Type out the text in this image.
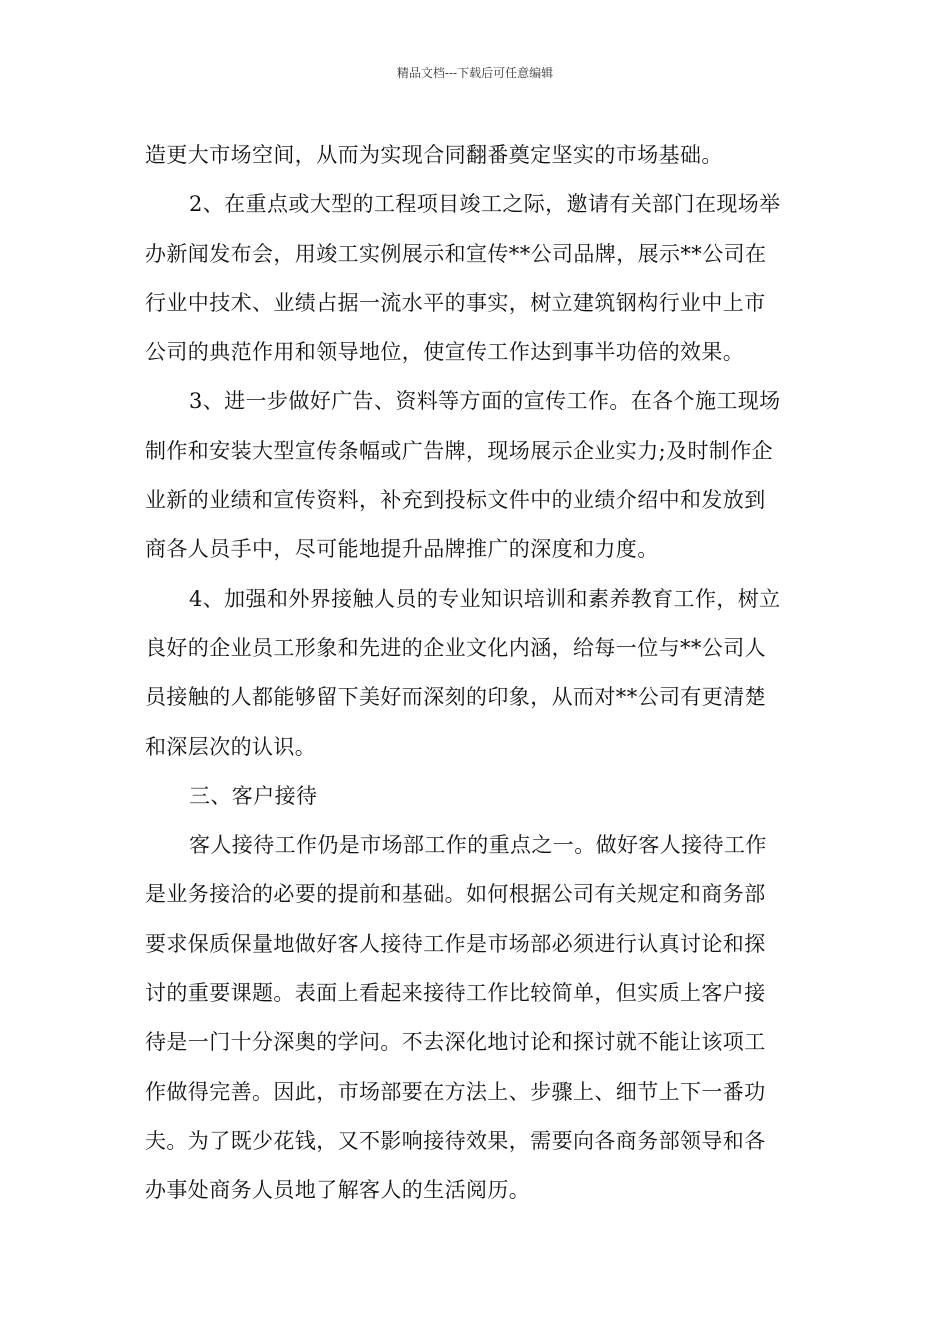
精品文档---下载后可任意编辑
造更大市场空间，从而为实现合同翻番奠定坚实的市场基础。
2、在重点或大型的工程项目竣工之际，邀请有关部门在现场举
办新闻发布会，用竣工实例展示和宣传**公司品牌，展示**公司在
行业中技术、业绩占据一流水平的事实，树立建筑钢构行业中上市
公司的典范作用和领导地位，使宣传工作达到事半功倍的效果。
3、进一步做好广告、资料等方面的宣传工作。在各个施工现场
制作和安装大型宣传条幅或广告牌，现场展示企业实力;及时制作企
业新的业绩和宣传资料，补充到投标文件中的业绩介绍中和发放到
商各人员手中，尽可能地提升品牌推广的深度和力度。
4、加强和外界接触人员的专业知识培训和素养教育工作，树立
良好的企业员工形象和先进的企业文化内涵，给每一位与**公司人
员接触的人都能够留下美好而深刻的印象，从而对**公司有更清楚
和深层次的认识。
三、客户接待
客人接待工作仍是市场部工作的重点之一。做好客人接待工作
是业务接洽的必要的提前和基础。如何根据公司有关规定和商务部
要求保质保量地做好客人接待工作是市场部必须进行认真讨论和探
讨的重要课题。表面上看起来接待工作比较简单，但实质上客户接
待是一门十分深奥的学问。不去深化地讨论和探讨就不能让该项工
作做得完善。因此，市场部要在方法上、步骤上、细节上下一番功
夫。为了既少花钱，又不影响接待效果，需要向各商务部领导和各
办事处商务人员地了解客人的生活阅历。
